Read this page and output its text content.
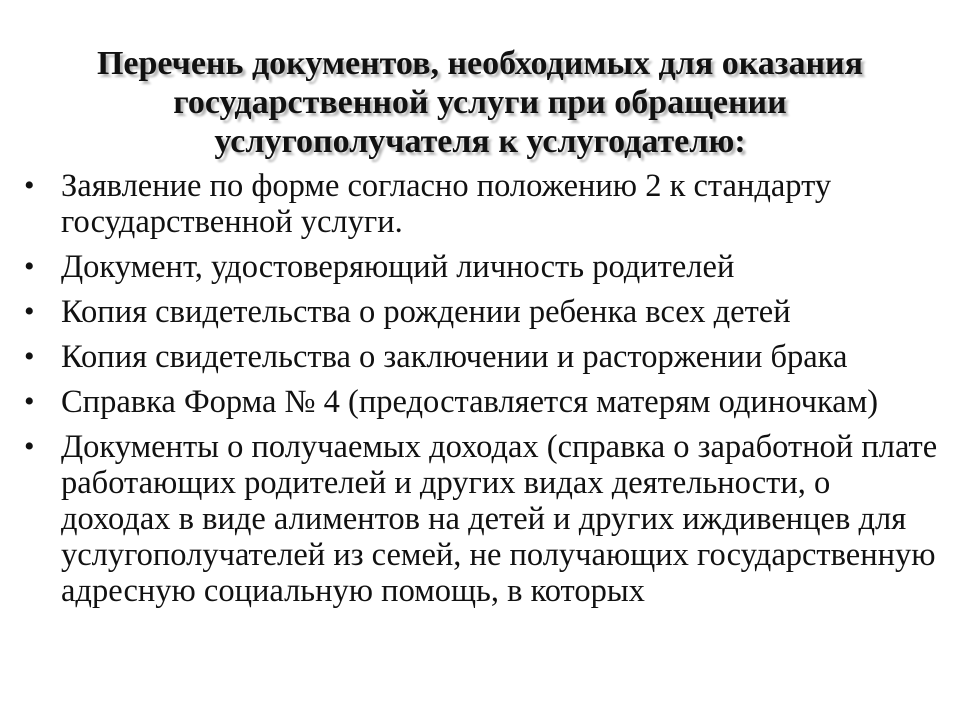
Перечень документов, необходимых для оказания
государственной услуги при обращении
услугополучателя к услугодателю:
• Заявление по форме согласно положению 2 к стандарту государственной услуги.
• Документ, удостоверяющий личность родителей
• Копия свидетельства о рождении ребенка всех детей
• Копия свидетельства о заключении и расторжении брака
• Справка Форма № 4 (предоставляется матерям одиночкам)
• Документы о получаемых доходах (справка о заработной плате работающих родителей и других видах деятельности, о доходах в виде алиментов на детей и других иждивенцев для услугополучателей из семей, не получающих государственную адресную социальную помощь, в которых
